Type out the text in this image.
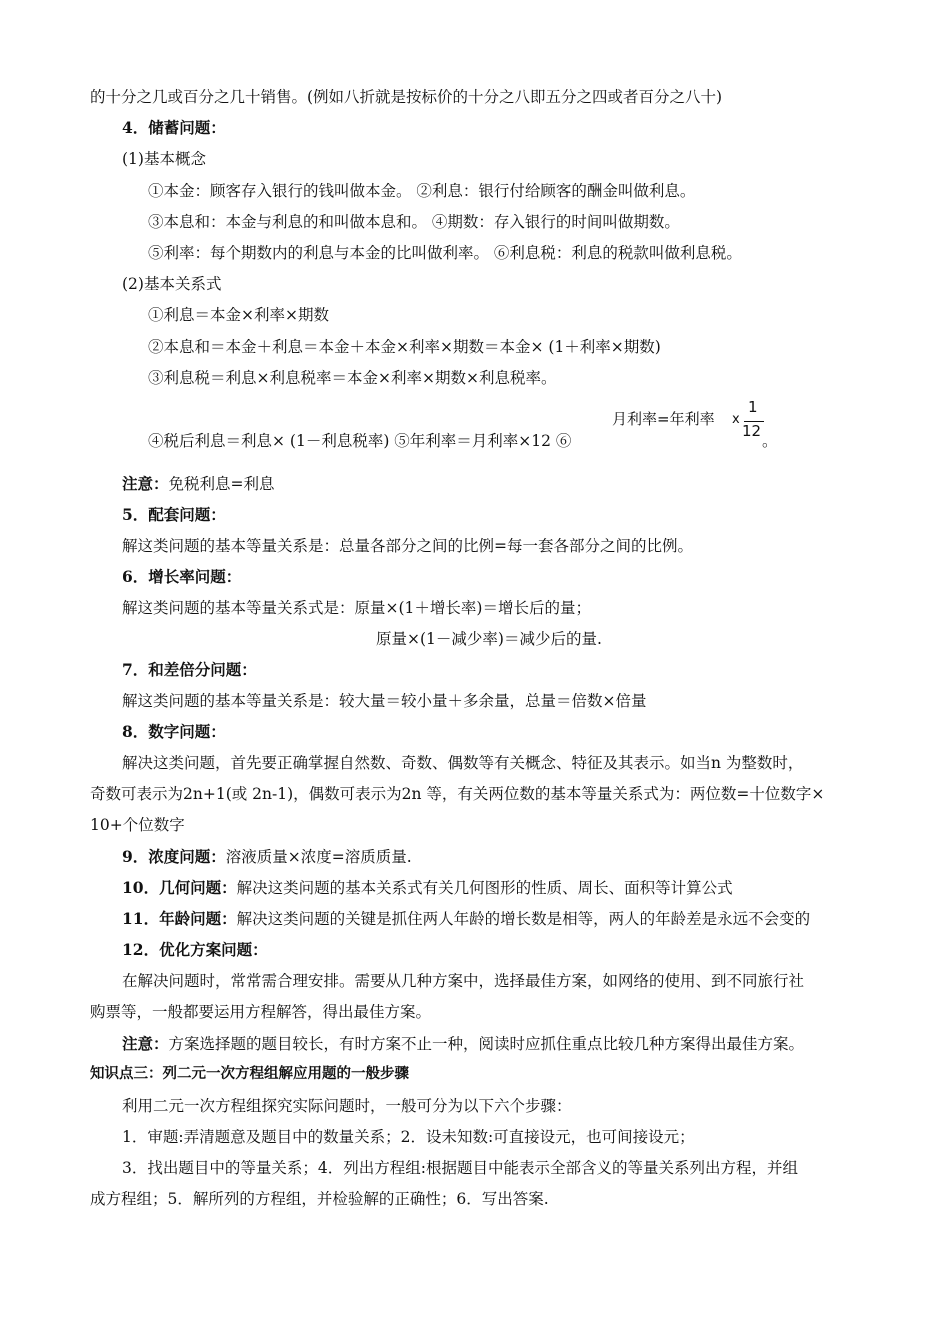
的十分之几或百分之几十销售。(例如八折就是按标价的十分之八即五分之四或者百分之八十)
4．储蓄问题：
(1)基本概念
①本金：顾客存入银行的钱叫做本金。 ②利息：银行付给顾客的酬金叫做利息。
③本息和：本金与利息的和叫做本息和。 ④期数：存入银行的时间叫做期数。
⑤利率：每个期数内的利息与本金的比叫做利率。 ⑥利息税：利息的税款叫做利息税。
(2)基本关系式
①利息＝本金×利率×期数
②本息和＝本金＋利息＝本金＋本金×利率×期数＝本金× (1＋利率×期数)
③利息税＝利息×利息税率＝本金×利率×期数×利息税率。
④税后利息＝利息× (1－利息税率) ⑤年利率＝月利率×12 ⑥
月利率=年利率 x
1
12
。
注意：免税利息=利息
5．配套问题：
解这类问题的基本等量关系是：总量各部分之间的比例=每一套各部分之间的比例。
6．增长率问题：
解这类问题的基本等量关系式是：原量×(1＋增长率)＝增长后的量；
原量×(1－减少率)＝减少后的量.
7．和差倍分问题：
解这类问题的基本等量关系是：较大量＝较小量＋多余量，总量＝倍数×倍量
8．数字问题：
解决这类问题，首先要正确掌握自然数、奇数、偶数等有关概念、特征及其表示。如当n 为整数时，
奇数可表示为2n+1(或 2n-1)，偶数可表示为2n 等，有关两位数的基本等量关系式为：两位数=十位数字×
10+个位数字
9．浓度问题：溶液质量×浓度=溶质质量.
10．几何问题：解决这类问题的基本关系式有关几何图形的性质、周长、面积等计算公式
11．年龄问题：解决这类问题的关键是抓住两人年龄的增长数是相等，两人的年龄差是永远不会变的
12．优化方案问题：
在解决问题时，常常需合理安排。需要从几种方案中，选择最佳方案，如网络的使用、到不同旅行社
购票等，一般都要运用方程解答，得出最佳方案。
注意：方案选择题的题目较长，有时方案不止一种，阅读时应抓住重点比较几种方案得出最佳方案。
知识点三：列二元一次方程组解应用题的一般步骤
利用二元一次方程组探究实际问题时，一般可分为以下六个步骤：
1．审题:弄清题意及题目中的数量关系；2．设未知数:可直接设元，也可间接设元；
3．找出题目中的等量关系；4．列出方程组:根据题目中能表示全部含义的等量关系列出方程，并组
成方程组；5．解所列的方程组，并检验解的正确性；6．写出答案.
